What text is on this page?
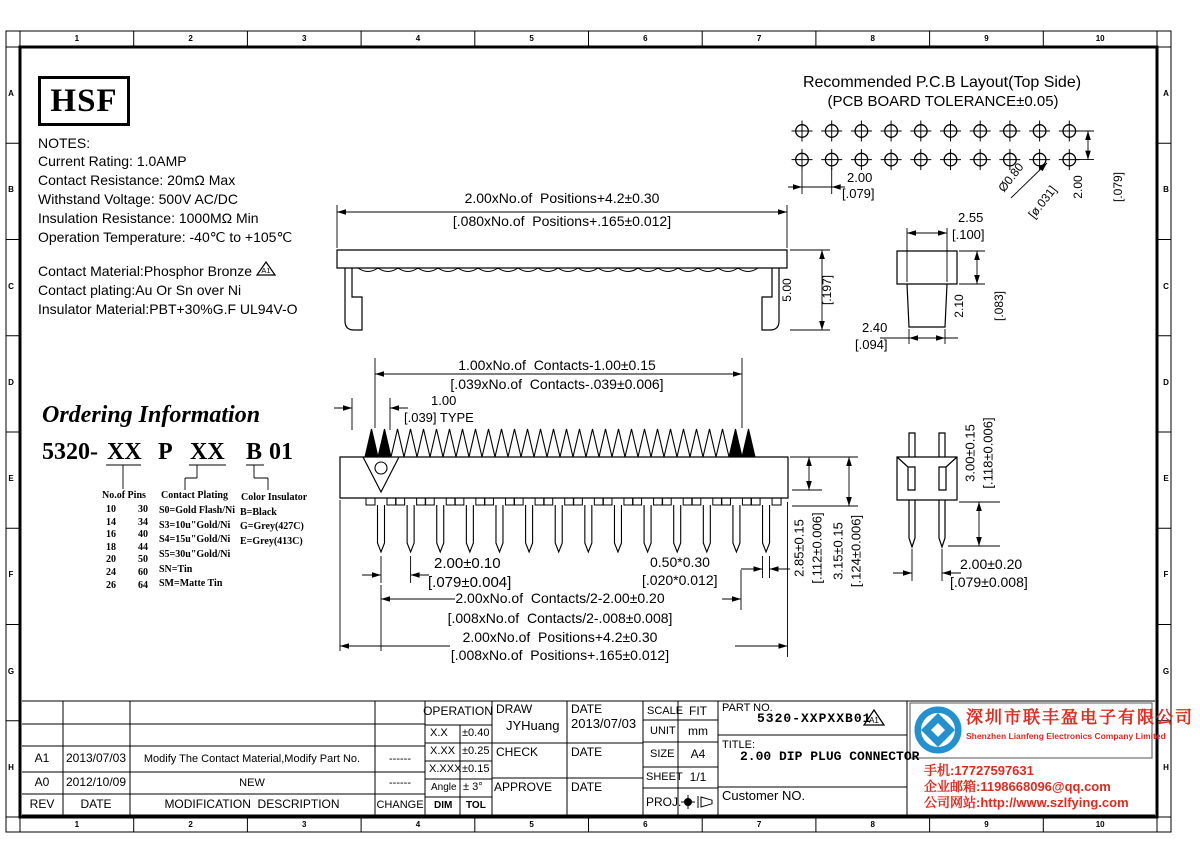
HSF
NOTES:
Current Rating: 1.0AMP
Contact Resistance: 20mΩ Max
Withstand Voltage: 500V AC/DC
Insulation Resistance: 1000MΩ Min
Operation Temperature: -40℃ to +105℃
Contact Material:Phosphor Bronze A1
Contact plating:Au Or Sn over Ni
Insulator Material:PBT+30%G.F UL94V-O
Recommended P.C.B Layout(Top Side)
(PCB BOARD TOLERANCE±0.05)
2.00
[.079]

	Ø0.80

[ø.031]

2.00

[.079]

2.00xNo.of  Positions+4.2±0.30
[.080xNo.of  Positions+.165±0.012]

5.00

[.197]

2.55
[.100]

2.10

[.083]

2.40
[.094]
1.00xNo.of  Contacts-1.00±0.15
[.039xNo.of  Contacts-.039±0.006]
1.00
[.039] TYPE
2.00±0.10
[.079±0.004]
0.50*0.30
[.020*0.012]
2.00xNo.of  Contacts/2-2.00±0.20
[.008xNo.of  Contacts/2-.008±0.008]
2.00xNo.of  Positions+4.2±0.30
[.008xNo.of  Positions+.165±0.012]
2.85±0.15 [.112±0.006] 3.15±0.15 [.124±0.006]
3.00±0.15 [.118±0.006]
2.00±0.20
[.079±0.008]
Ordering Information
5320- XX P XX B 01
No.of Pins Contact Plating Color Insulator
10 30
14 34
16 40
18 44
20 50
24 60
26 64
S0=Gold Flash/Ni
S3=10u"Gold/Ni
S4=15u"Gold/Ni
S5=30u"Gold/Ni
SN=Tin
SM=Matte Tin
B=Black
G=Grey(427C)
E=Grey(413C)
A1 2013/07/03 Modify The Contact Material,Modify Part No.	------
A0 2012/10/09	NEW	------
REV DATE	MODIFICATION  DESCRIPTION	CHANGE
OPERATION
X.X ±0.40
X.XX ±0.25
X.XXX ±0.15
Angle ± 3°
DIM TOL
DRAW
JYHuang
DATE
2013/07/03
CHECK	DATE
APPROVE DATE
SCALE FIT
UNIT mm
SIZE A4
SHEET 1/1
PROJ.
PART NO.
5320-XXPXXB01
A1
TITLE:
2.00 DIP PLUG CONNECTOR
Customer NO.
深圳市联丰盈电子有限公司
Shenzhen Lianfeng Electronics Company Limited
手机:17727597631
企业邮箱:1198668096@qq.com
公司网站:http://www.szlfying.com
1
1
2
2
3
3
4
4
5
5
6
6
7
7
8
8
9
9
10
10
A	A
B	B
C	C
D	D
E	E
F	F
G	G
H	H
